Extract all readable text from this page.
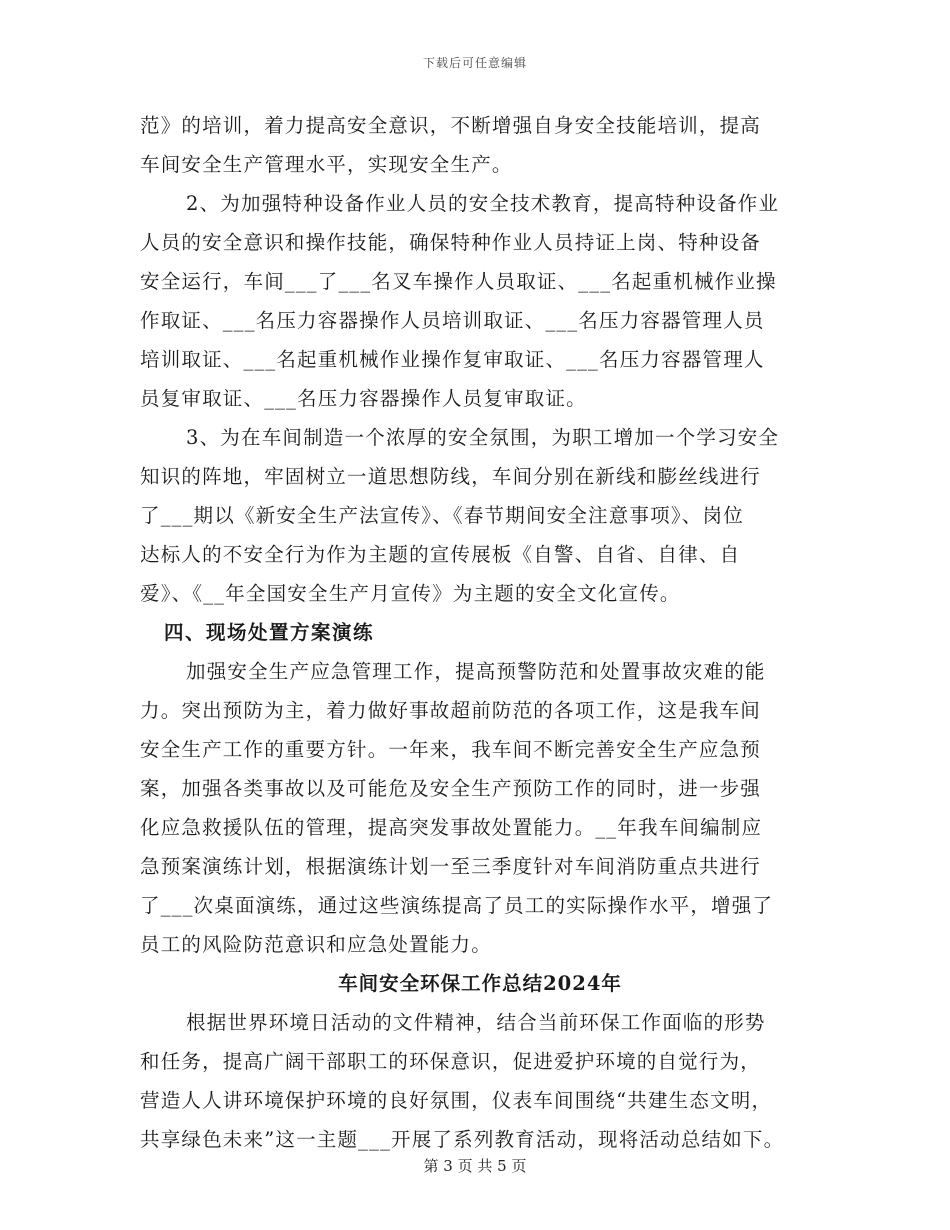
下载后可任意编辑

范》的培训，着力提高安全意识，不断增强自身安全技能培训，提高
车间安全生产管理水平，实现安全生产。

2、为加强特种设备作业人员的安全技术教育，提高特种设备作业
人员的安全意识和操作技能，确保特种作业人员持证上岗、特种设备
安全运行，车间___了___名叉车操作人员取证、___名起重机械作业操
作取证、___名压力容器操作人员培训取证、___名压力容器管理人员
培训取证、___名起重机械作业操作复审取证、___名压力容器管理人
员复审取证、___名压力容器操作人员复审取证。

3、为在车间制造一个浓厚的安全氛围，为职工增加一个学习安全
知识的阵地，牢固树立一道思想防线，车间分别在新线和膨丝线进行
了___期以《新安全生产法宣传》、《春节期间安全注意事项》、岗位
达标人的不安全行为作为主题的宣传展板《自警、自省、自律、自
爱》、《__年全国安全生产月宣传》为主题的安全文化宣传。

四、现场处置方案演练

加强安全生产应急管理工作，提高预警防范和处置事故灾难的能
力。突出预防为主，着力做好事故超前防范的各项工作，这是我车间
安全生产工作的重要方针。一年来，我车间不断完善安全生产应急预
案，加强各类事故以及可能危及安全生产预防工作的同时，进一步强
化应急救援队伍的管理，提高突发事故处置能力。__年我车间编制应
急预案演练计划，根据演练计划一至三季度针对车间消防重点共进行
了___次桌面演练，通过这些演练提高了员工的实际操作水平，增强了
员工的风险防范意识和应急处置能力。

车间安全环保工作总结2024年

根据世界环境日活动的文件精神，结合当前环保工作面临的形势
和任务，提高广阔干部职工的环保意识，促进爱护环境的自觉行为，
营造人人讲环境保护环境的良好氛围，仪表车间围绕“共建生态文明，
共享绿色未来”这一主题___开展了系列教育活动，现将活动总结如下。

第 3 页 共 5 页
